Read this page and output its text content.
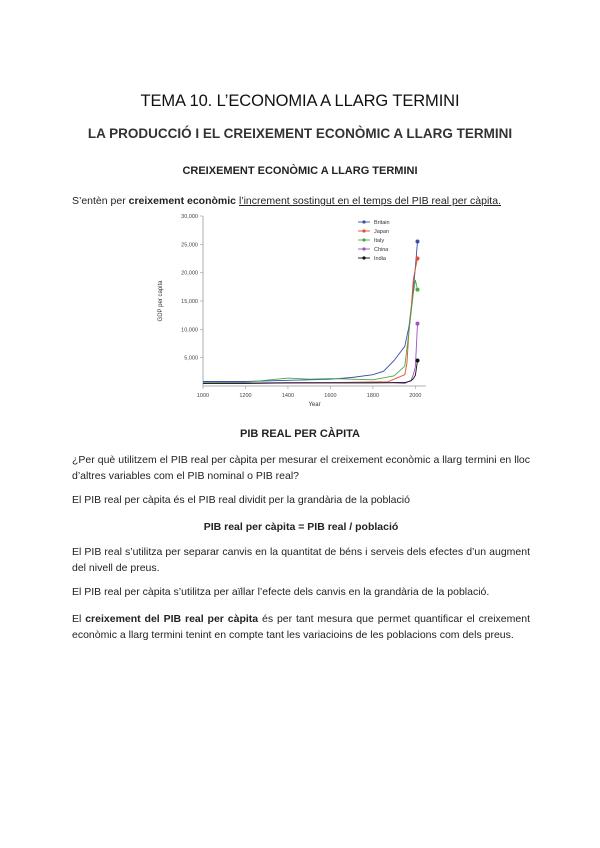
TEMA 10. L’ECONOMIA A LLARG TERMINI
LA PRODUCCIÓ I EL CREIXEMENT ECONÒMIC A LLARG TERMINI
CREIXEMENT ECONÒMIC A LLARG TERMINI
S’entèn per creixement econòmic l’increment sostingut en el temps del PIB real per càpita.
5,000
10,000
15,000
20,000
25,000
30,000
1000	1200	1400	1600	1800	2000
Year
GDP per capita
Britain
Japan
Italy
China
India
PIB REAL PER CÀPITA
¿Per què utilitzem el PIB real per càpita per mesurar el creixement econòmic a llarg termini en lloc d’altres variables com el PIB nominal o PIB real?
El PIB real per càpita és el PIB real dividit per la grandària de la població
PIB real per càpita = PIB real / població
El PIB real s’utilitza per separar canvis en la quantitat de béns i serveis dels efectes d’un augment del nivell de preus.
El PIB real per càpita s’utilitza per aïllar l’efecte dels canvis en la grandària de la població.
El creixement del PIB real per càpita és per tant mesura que permet quantificar el creixement econòmic a llarg termini tenint en compte tant les variacioins de les poblacions com dels preus.
